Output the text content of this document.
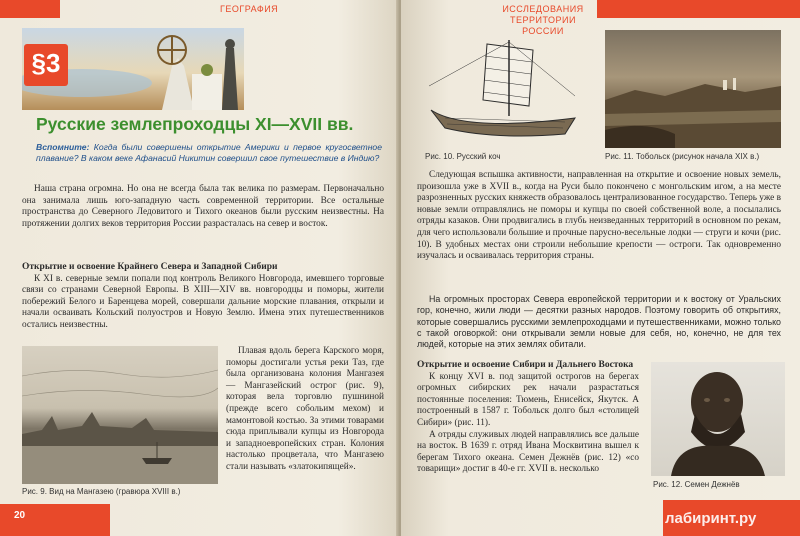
ГЕОГРАФИЯ
§3
Русские землепроходцы XI—XVII вв.
Вспомните: Когда были совершены открытие Америки и первое кругосветное плавание? В каком веке Афанасий Никитин совершил свое путешествие в Индию?

Наша страна огромна. Но она не всегда была так велика по размерам. Первоначально она занимала лишь юго-западную часть современной территории. Все остальные пространства до Северного Ледовитого и Тихого океанов были русским неизвестны. На протяжении долгих веков территория России разрасталась на север и восток.

Открытие и освоение Крайнего Севера и Западной Сибири

К XI в. северные земли попали под контроль Великого Новгорода, имевшего торговые связи со странами Северной Европы. В XIII—XIV вв. новгородцы и поморы, жители побережий Белого и Баренцева морей, совершали дальние морские плавания, открыли и начали осваивать Кольский полуостров и Новую Землю. Имена этих путешественников остались неизвестны.

Рис. 9. Вид на Мангазею (гравюра XVIII в.)

Плавая вдоль берега Карского моря, поморы достигали устья реки Таз, где была организована колония Мангазея — Мангазейский острог (рис. 9), которая вела торговлю пушниной (прежде всего собольим мехом) и мамонтовой костью. За этими товарами сюда приплывали купцы из Новгорода и западноевропейских стран. Колония настолько процветала, что Мангазею стали называть «златокипящей».

20
ИССЛЕДОВАНИЯ
ТЕРРИТОРИИ РОССИИ
Рис. 10. Русский коч	Рис. 11. Тобольск (рисунок начала XIX в.)

Следующая вспышка активности, направленная на открытие и освоение новых земель, произошла уже в XVII в., когда на Руси было покончено с монгольским игом, а на месте разрозненных русских княжеств образовалось централизованное государство. Теперь уже в новые земли отправлялись не поморы и купцы по своей собственной воле, а посылались отряды казаков. Они продвигались в глубь неизведанных территорий в основном по рекам, для чего использовали большие и прочные парусно-весельные лодки — струги и кочи (рис. 10). В удобных местах они строили небольшие крепости — остроги. Так одновременно изучалась и осваивалась территория страны.

На огромных просторах Севера европейской территории и к востоку от Уральских гор, конечно, жили люди — десятки разных народов. Поэтому говорить об открытиях, которые совершались русскими землепроходцами и путешественниками, можно только с такой оговоркой: они открывали земли новые для себя, но, конечно, не для тех людей, которые на этих землях обитали.

Открытие и освоение Сибири и Дальнего Востока

К концу XVI в. под защитой острогов на берегах огромных сибирских рек начали разрастаться постоянные поселения: Тюмень, Енисейск, Якутск. А построенный в 1587 г. Тобольск долго был «столицей Сибири» (рис. 11).

А отряды служивых людей направлялись все дальше на восток. В 1639 г. отряд Ивана Москвитина вышел к берегам Тихого океана. Семен Дежнёв (рис. 12) «со товарищи» достиг в 40-е гг. XVII в. несколько

Рис. 12. Семен Дежнёв
лабиринт.ру
